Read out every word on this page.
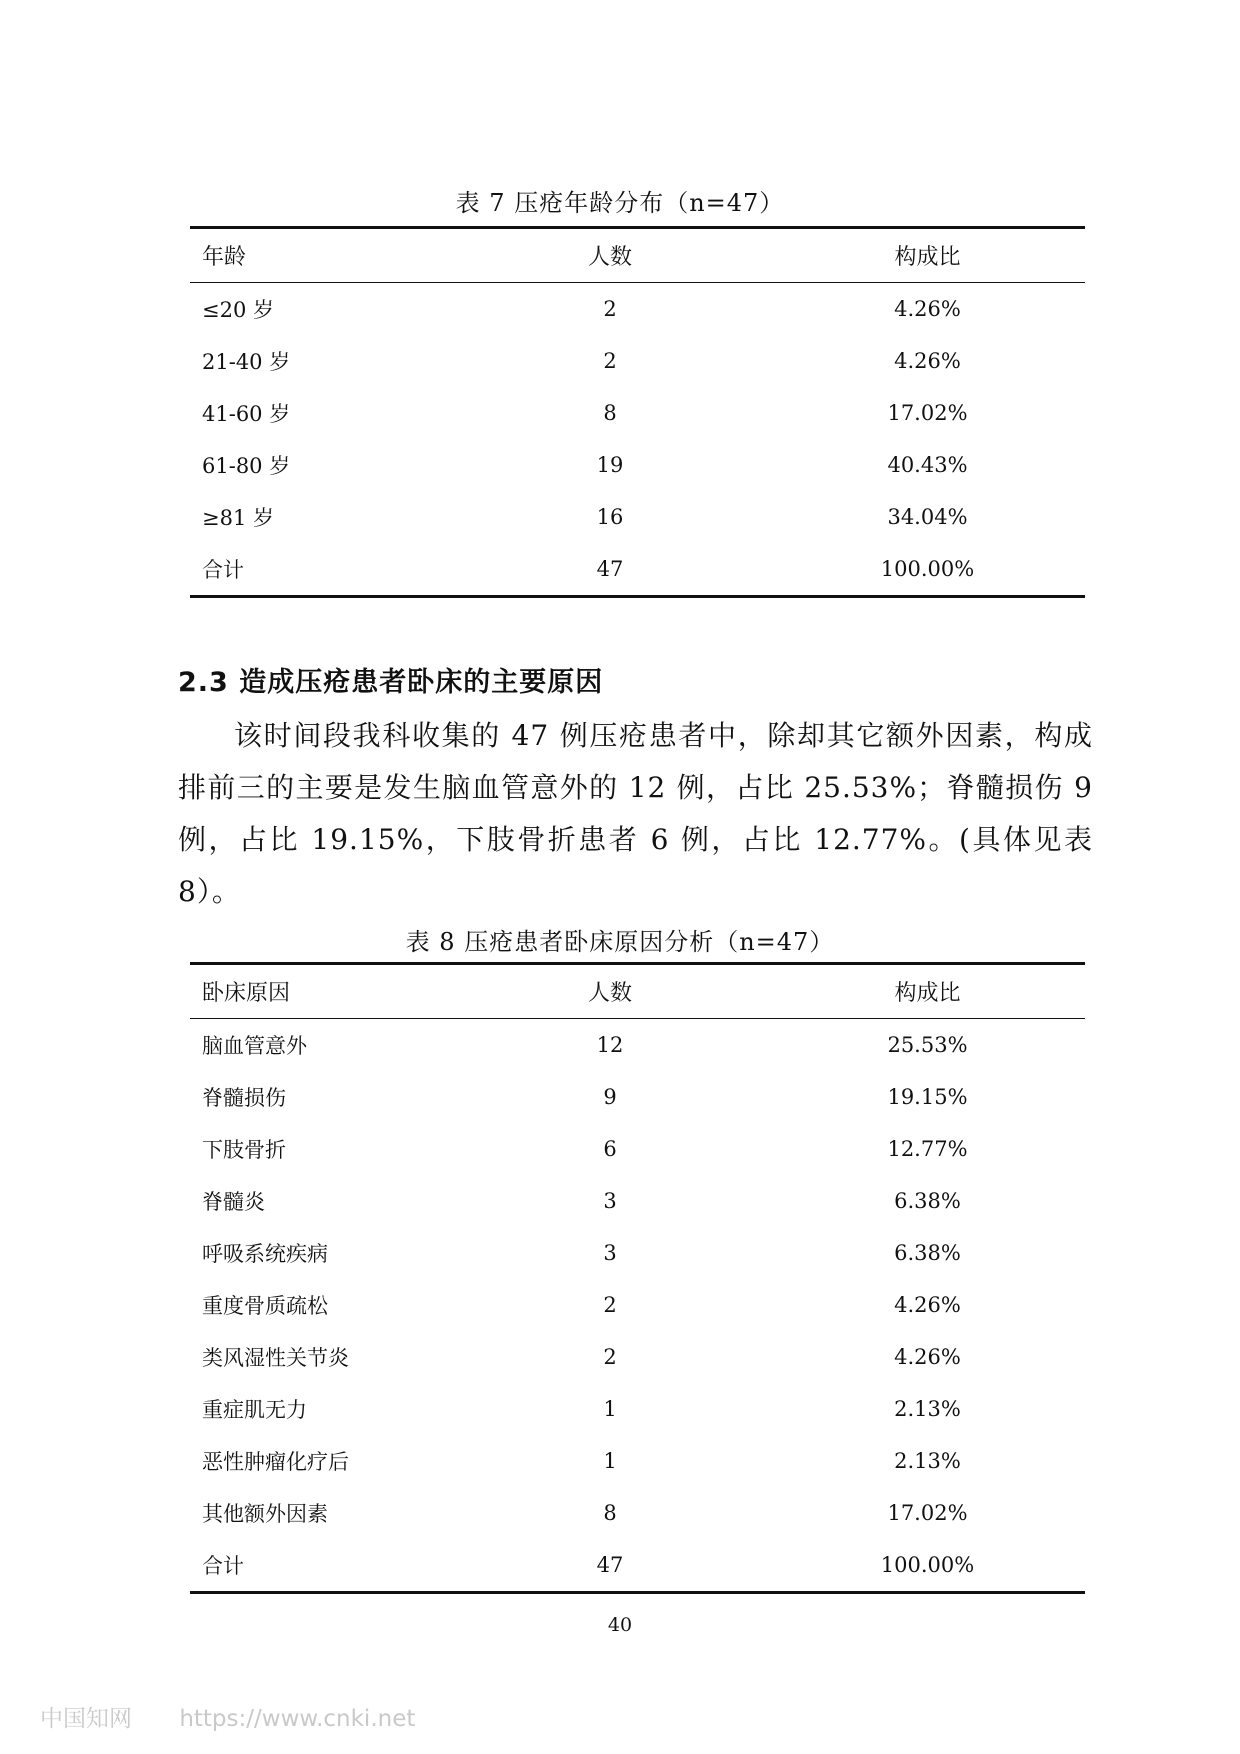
表 7 压疮年龄分布（n=47）
年龄	人数	构成比
≤20 岁	2	4.26%
21-40 岁	2	4.26%
41-60 岁	8	17.02%
61-80 岁	19	40.43%
≥81 岁	16	34.04%
合计	47	100.00%
2.3 造成压疮患者卧床的主要原因
该时间段我科收集的 47 例压疮患者中，除却其它额外因素，构成排前三的主要是发生脑血管意外的 12 例，占比 25.53%；脊髓损伤 9 例，占比 19.15%，下肢骨折患者 6 例，占比 12.77%。(具体见表 8）。
表 8 压疮患者卧床原因分析（n=47）
卧床原因	人数	构成比
脑血管意外	12	25.53%
脊髓损伤	9	19.15%
下肢骨折	6	12.77%
脊髓炎	3	6.38%
呼吸系统疾病	3	6.38%
重度骨质疏松	2	4.26%
类风湿性关节炎	2	4.26%
重症肌无力	1	2.13%
恶性肿瘤化疗后	1	2.13%
其他额外因素	8	17.02%
合计	47	100.00%
40
中国知网 https://www.cnki.net
